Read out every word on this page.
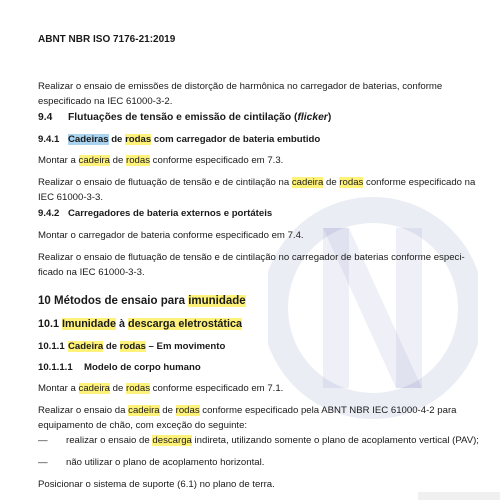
ABNT NBR ISO 7176-21:2019

Realizar o ensaio de emissões de distorção de harmônica no carregador de baterias, conforme especificado na IEC 61000-3-2.

9.4 Flutuações de tensão e emissão de cintilação (flicker)

9.4.1 Cadeiras de rodas com carregador de bateria embutido

Montar a cadeira de rodas conforme especificado em 7.3.

Realizar o ensaio de flutuação de tensão e de cintilação na cadeira de rodas conforme especificado na IEC 61000-3-3.

9.4.2 Carregadores de bateria externos e portáteis

Montar o carregador de bateria conforme especificado em 7.4.

Realizar o ensaio de flutuação de tensão e de cintilação no carregador de baterias conforme especificado na IEC 61000-3-3.

10 Métodos de ensaio para imunidade

10.1 Imunidade à descarga eletrostática

10.1.1 Cadeira de rodas – Em movimento

10.1.1.1 Modelo de corpo humano

Montar a cadeira de rodas conforme especificado em 7.1.

Realizar o ensaio da cadeira de rodas conforme especificado pela ABNT NBR IEC 61000-4-2 para equipamento de chão, com exceção do seguinte:

— realizar o ensaio de descarga indireta, utilizando somente o plano de acoplamento vertical (PAV);

— não utilizar o plano de acoplamento horizontal.

Posicionar o sistema de suporte (6.1) no plano de terra.
